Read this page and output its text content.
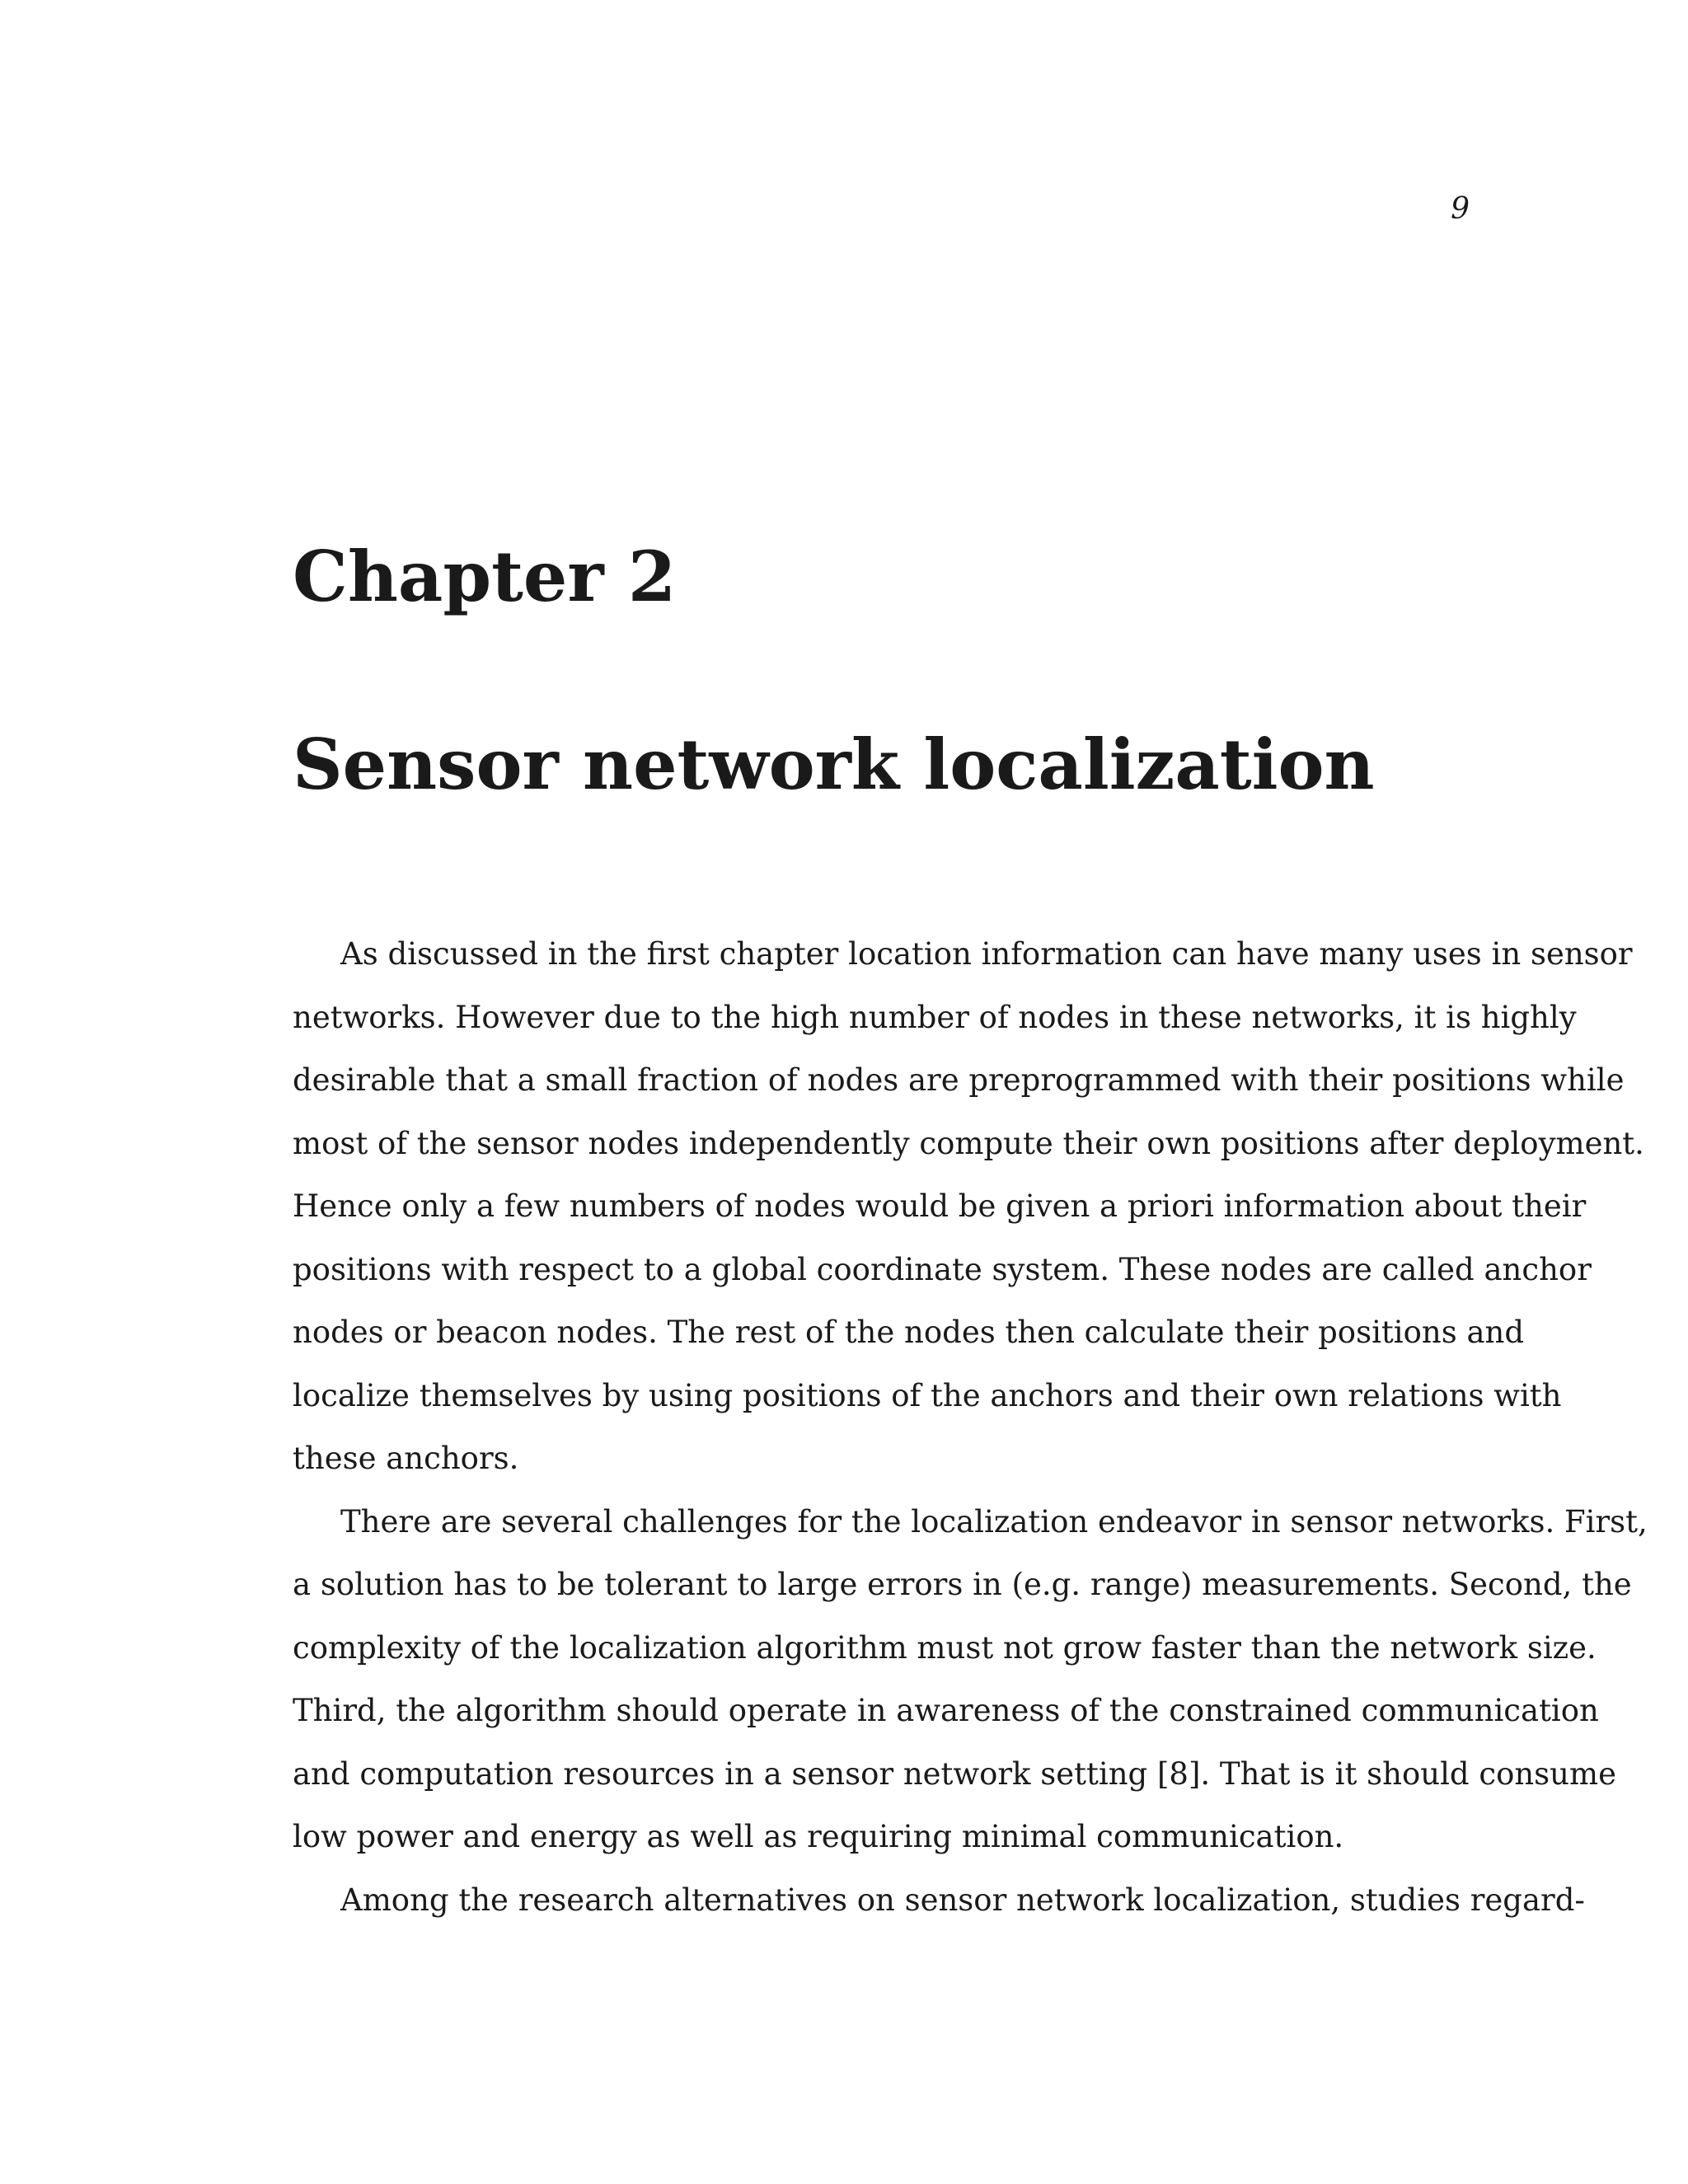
9
Chapter 2
Sensor network localization
As discussed in the first chapter location information can have many uses in sensor
networks. However due to the high number of nodes in these networks, it is highly
desirable that a small fraction of nodes are preprogrammed with their positions while
most of the sensor nodes independently compute their own positions after deployment.
Hence only a few numbers of nodes would be given a priori information about their
positions with respect to a global coordinate system. These nodes are called anchor
nodes or beacon nodes. The rest of the nodes then calculate their positions and
localize themselves by using positions of the anchors and their own relations with
these anchors.
There are several challenges for the localization endeavor in sensor networks. First,
a solution has to be tolerant to large errors in (e.g. range) measurements. Second, the
complexity of the localization algorithm must not grow faster than the network size.
Third, the algorithm should operate in awareness of the constrained communication
and computation resources in a sensor network setting [8]. That is it should consume
low power and energy as well as requiring minimal communication.
Among the research alternatives on sensor network localization, studies regard-
